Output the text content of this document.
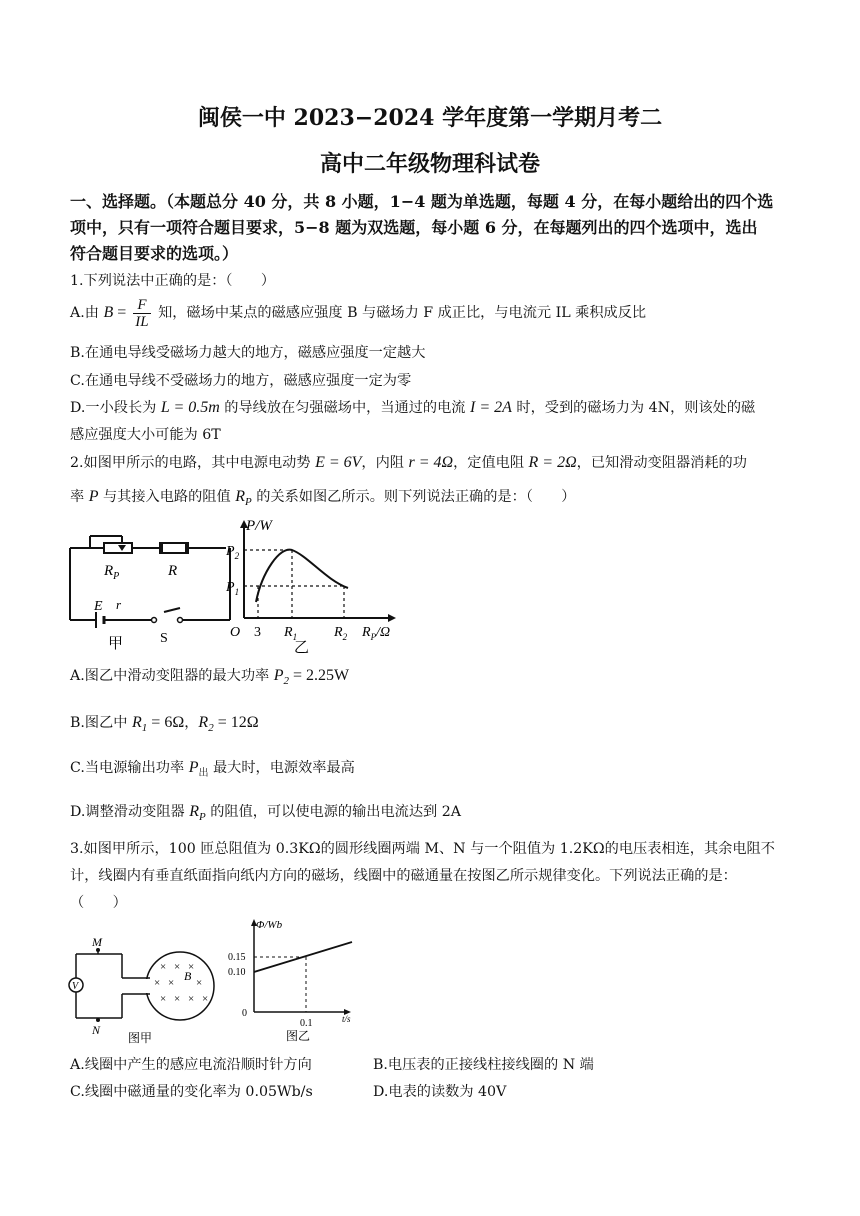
闽侯一中 2023−2024 学年度第一学期月考二
高中二年级物理科试卷
一、选择题。（本题总分 40 分，共 8 小题，1−4 题为单选题，每题 4 分，在每小题给出的四个选
项中，只有一项符合题目要求，5−8 题为双选题，每小题 6 分，在每题列出的四个选项中，选出
符合题目要求的选项。）
1.下列说法中正确的是：（　　）
A.由 $B = \frac{F}{IL}$ 知，磁场中某点的磁感应强度 B 与磁场力 F 成正比，与电流元 IL 乘积成反比
B.在通电导线受磁场力越大的地方，磁感应强度一定越大
C.在通电导线不受磁场力的地方，磁感应强度一定为零
D.一小段长为 L = 0.5m 的导线放在匀强磁场中，当通过的电流 I = 2A 时，受到的磁场力为 4N，则该处的磁
感应强度大小可能为 6T
2.如图甲所示的电路，其中电源电动势 E = 6V，内阻 r = 4Ω，定值电阻 R = 2Ω，已知滑动变阻器消耗的功
率 P 与其接入电路的阻值 $R_P$ 的关系如图乙所示。则下列说法正确的是：（　　）
$R_P$	R
E r
S
甲
P/W
$P_2$
$P_1$
O 3 $R_1$	$R_2$ $R_P/\Omega$
乙
A.图乙中滑动变阻器的最大功率 $P_2 = 2.25W$
B.图乙中 $R_1 = 6\Omega$，$R_2 = 12\Omega$
C.当电源输出功率 $P_出$ 最大时，电源效率最高
D.调整滑动变阻器 $R_P$ 的阻值，可以使电源的输出电流达到 2A
3.如图甲所示，100 匝总阻值为 0.3KΩ的圆形线圈两端 M、N 与一个阻值为 1.2KΩ的电压表相连，其余电阻不
计，线圈内有垂直纸面指向纸内方向的磁场，线圈中的磁通量在按图乙所示规律变化。下列说法正确的是：
（　　）
V
M
N
× × ×
× × ×
× × × ×
B
图甲
Φ/Wb
0.15
0.10
0
0.1	t/s
图乙
A.线圈中产生的感应电流沿顺时针方向	B.电压表的正接线柱接线圈的 N 端
C.线圈中磁通量的变化率为 0.05Wb/s	D.电表的读数为 40V
